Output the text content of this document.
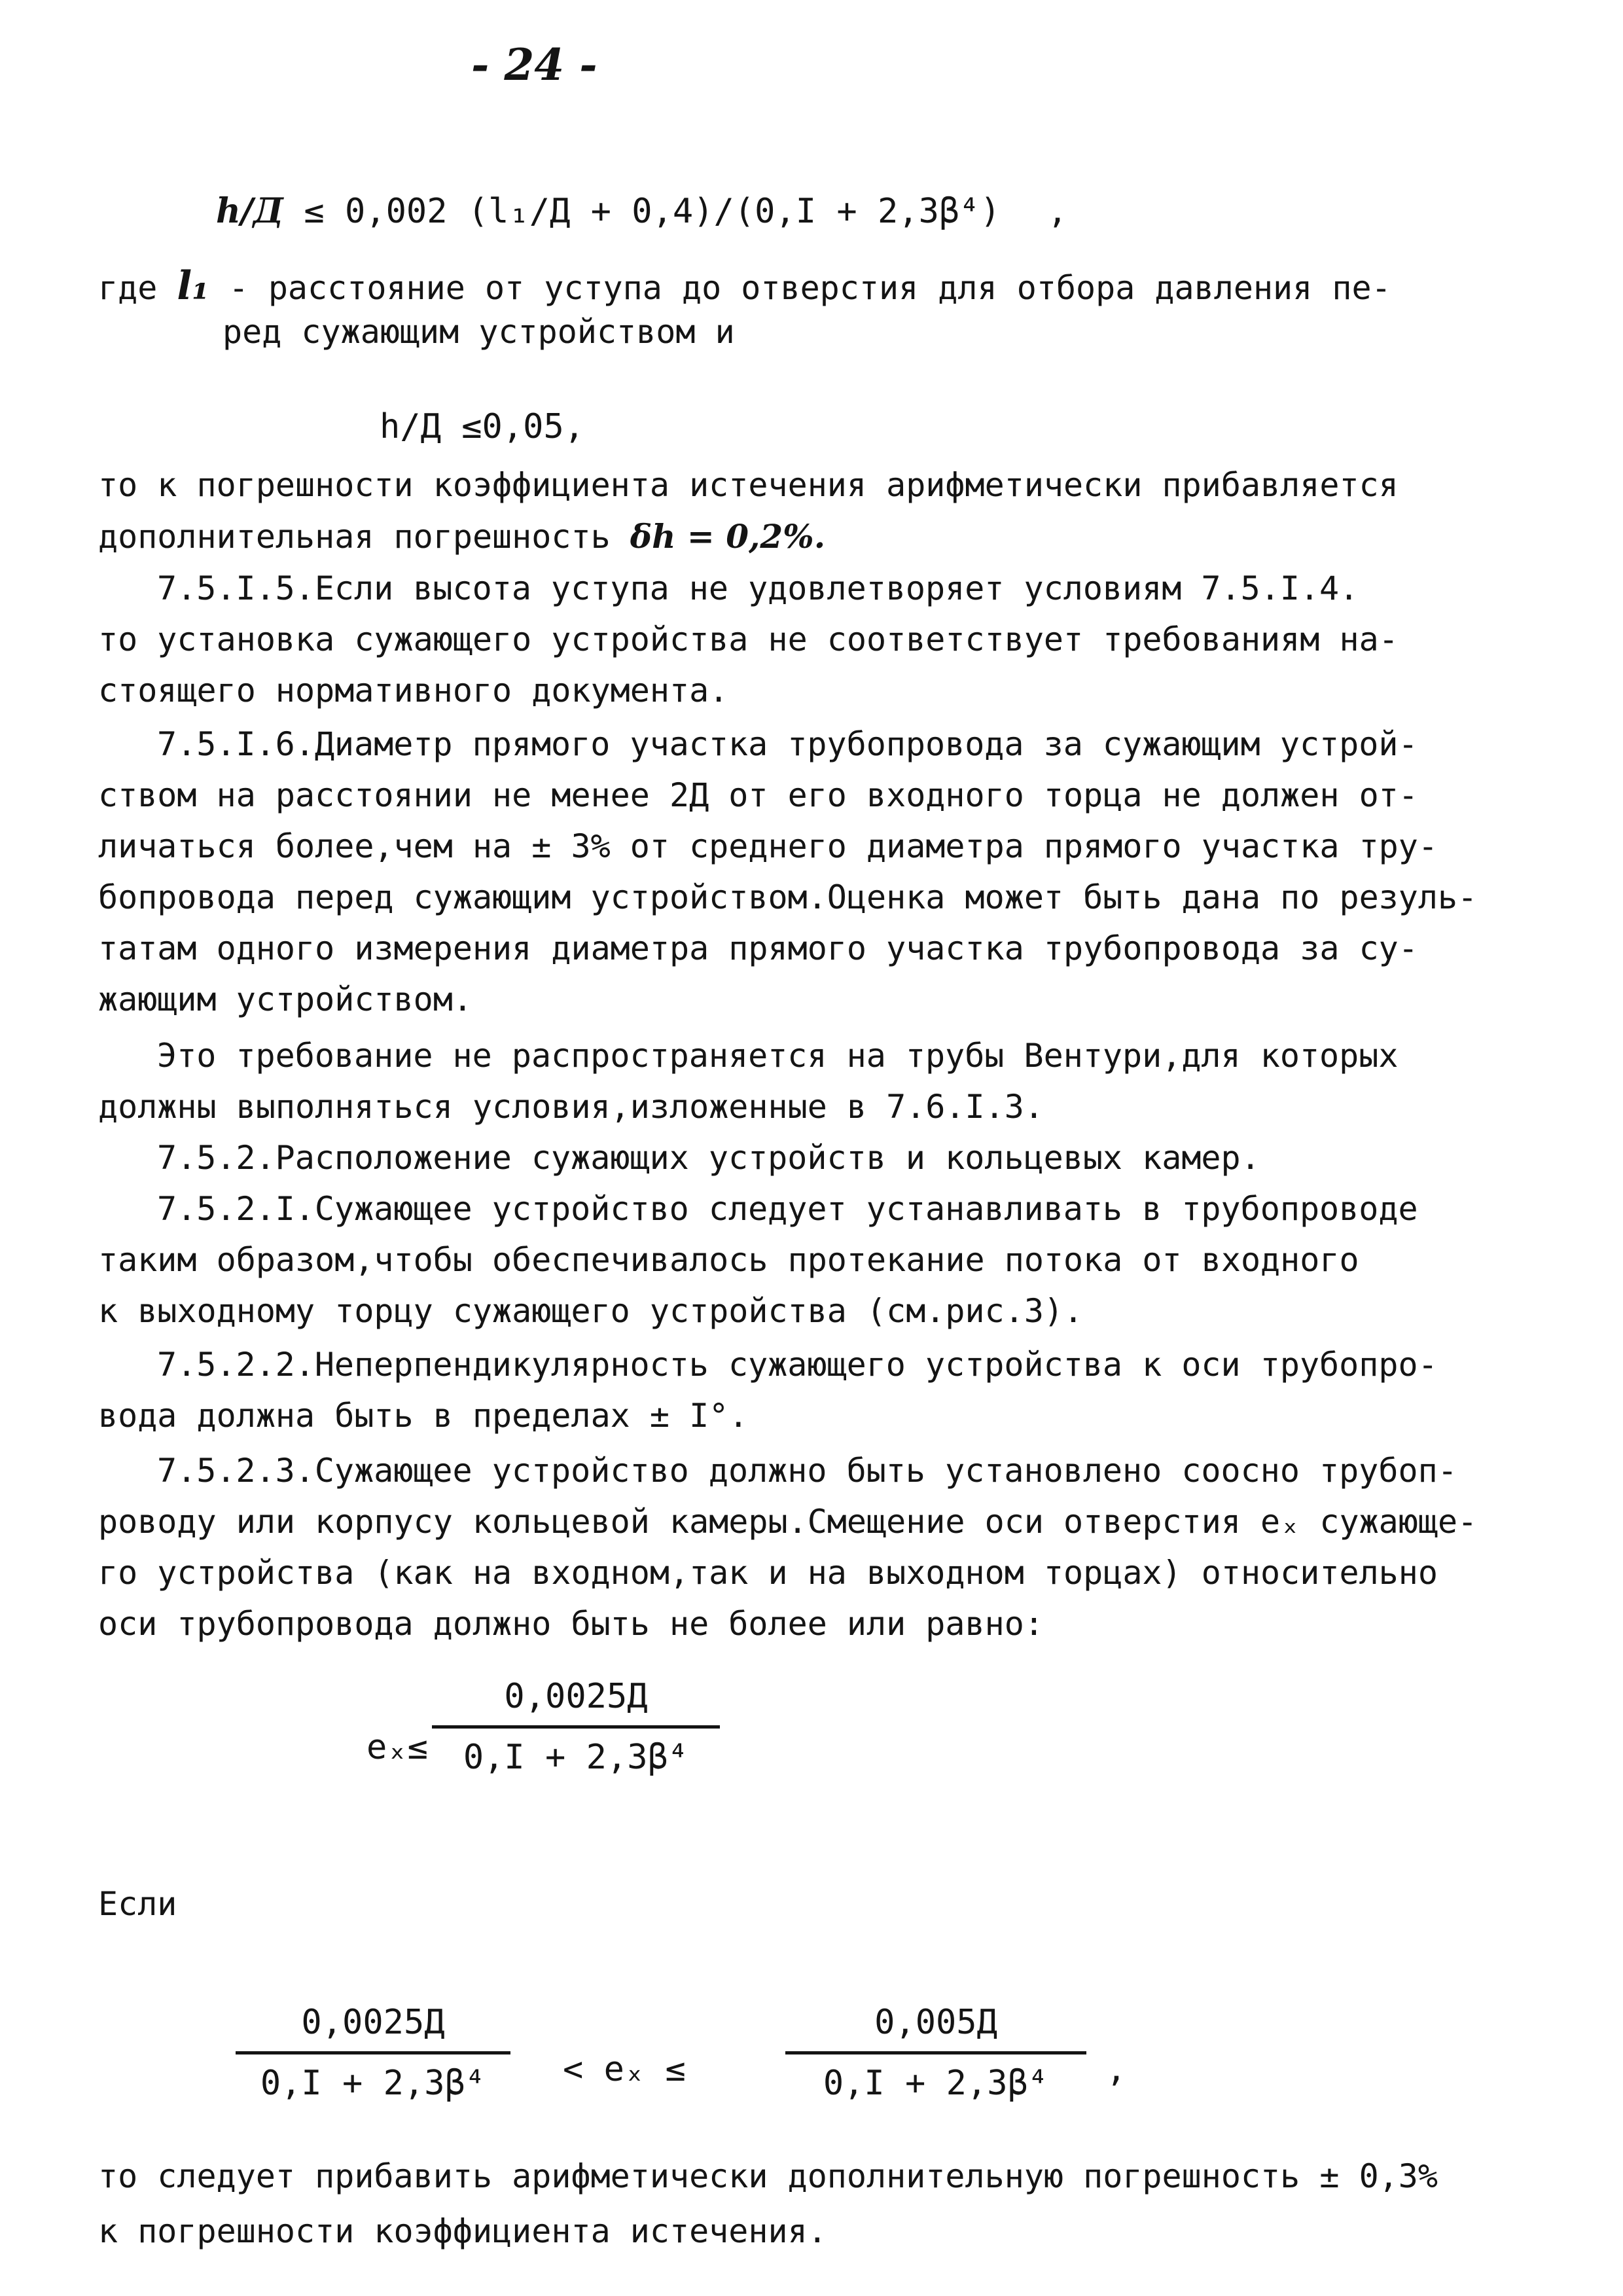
- 24 -
h/Д ≤ 0,002 (l₁/Д + 0,4)/(0,I + 2,3β⁴) ,
где l₁ - расстояние от уступа до отверстия для отбора давления пе-
ред сужающим устройством и
h/Д ≤0,05,
то к погрешности коэффициента истечения арифметически прибавляется
дополнительная погрешность δh = 0,2%.
7.5.I.5.Если высота уступа не удовлетворяет условиям 7.5.I.4.
то установка сужающего устройства не соответствует требованиям на-
стоящего нормативного документа.
7.5.I.6.Диаметр прямого участка трубопровода за сужающим устрой-
ством на расстоянии не менее 2Д от его входного торца не должен от-
личаться более,чем на ± 3% от среднего диаметра прямого участка тру-
бопровода перед сужающим устройством.Оценка может быть дана по резуль-
татам одного измерения диаметра прямого участка трубопровода за су-
жающим устройством.
Это требование не распространяется на трубы Вентури,для которых
должны выполняться условия,изложенные в 7.6.I.3.
7.5.2.Расположение сужающих устройств и кольцевых камер.
7.5.2.I.Сужающее устройство следует устанавливать в трубопроводе
таким образом,чтобы обеспечивалось протекание потока от входного
к выходному торцу сужающего устройства (см.рис.3).
7.5.2.2.Неперпендикулярность сужающего устройства к оси трубопро-
вода должна быть в пределах ± I°.
7.5.2.3.Сужающее устройство должно быть установлено соосно трубоп-
роводу или корпусу кольцевой камеры.Смещение оси отверстия eₓ сужающе-
го устройства (как на входном,так и на выходном торцах) относительно
оси трубопровода должно быть не более или равно:
eₓ≤
0,0025Д
0,I + 2,3β⁴
Если
0,0025Д
0,I + 2,3β⁴	< eₓ ≤
0,005Д
0,I + 2,3β⁴	,
то следует прибавить арифметически дополнительную погрешность ± 0,3%
к погрешности коэффициента истечения.
